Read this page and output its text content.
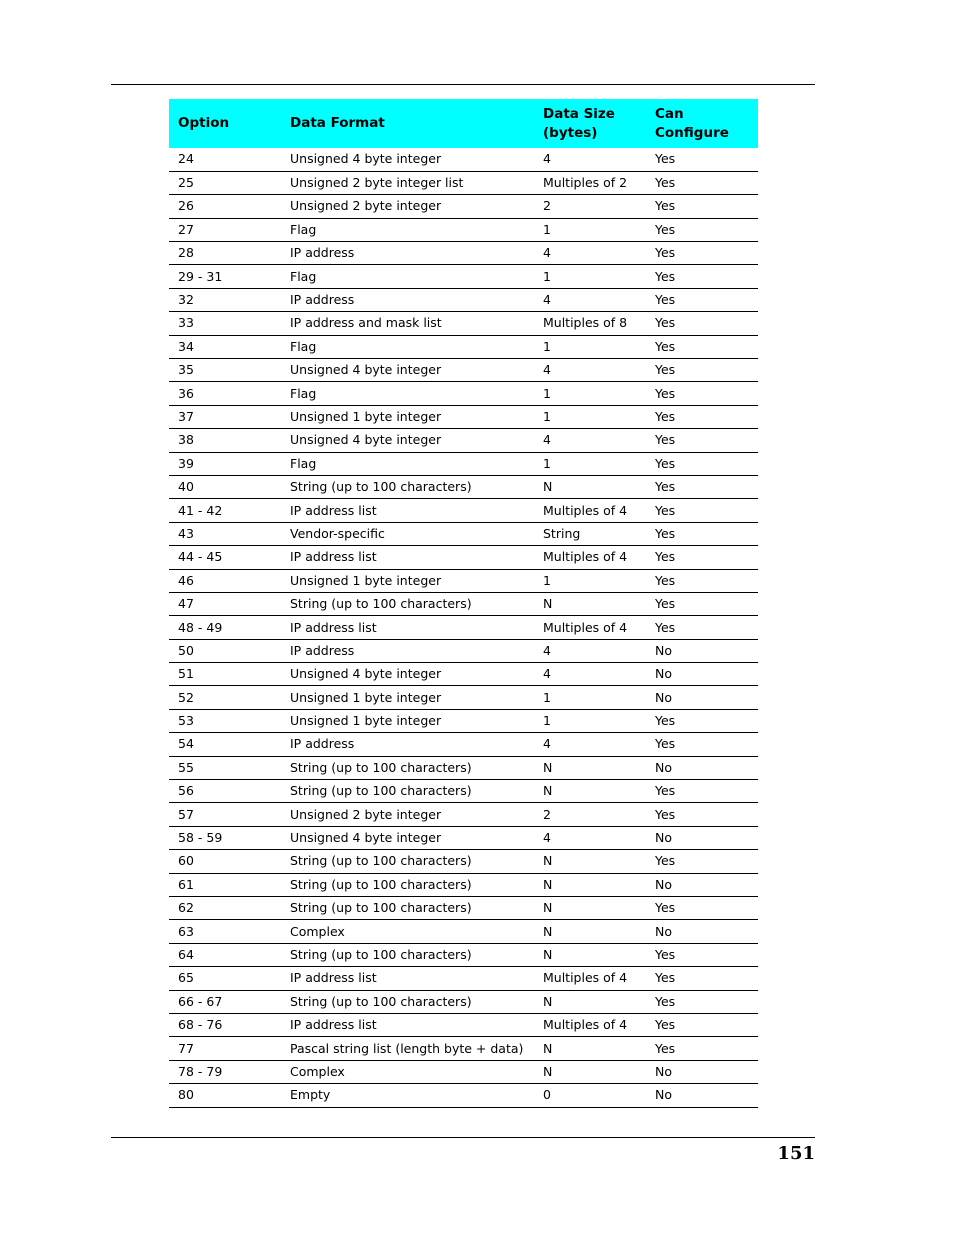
Option	Data Format	Data Size (bytes)	Can Configure
24	Unsigned 4 byte integer	4	Yes
25	Unsigned 2 byte integer list	Multiples of 2	Yes
26	Unsigned 2 byte integer	2	Yes
27	Flag	1	Yes
28	IP address	4	Yes
29 - 31	Flag	1	Yes
32	IP address	4	Yes
33	IP address and mask list	Multiples of 8	Yes
34	Flag	1	Yes
35	Unsigned 4 byte integer	4	Yes
36	Flag	1	Yes
37	Unsigned 1 byte integer	1	Yes
38	Unsigned 4 byte integer	4	Yes
39	Flag	1	Yes
40	String (up to 100 characters)	N	Yes
41 - 42	IP address list	Multiples of 4	Yes
43	Vendor-specific	String	Yes
44 - 45	IP address list	Multiples of 4	Yes
46	Unsigned 1 byte integer	1	Yes
47	String (up to 100 characters)	N	Yes
48 - 49	IP address list	Multiples of 4	Yes
50	IP address	4	No
51	Unsigned 4 byte integer	4	No
52	Unsigned 1 byte integer	1	No
53	Unsigned 1 byte integer	1	Yes
54	IP address	4	Yes
55	String (up to 100 characters)	N	No
56	String (up to 100 characters)	N	Yes
57	Unsigned 2 byte integer	2	Yes
58 - 59	Unsigned 4 byte integer	4	No
60	String (up to 100 characters)	N	Yes
61	String (up to 100 characters)	N	No
62	String (up to 100 characters)	N	Yes
63	Complex	N	No
64	String (up to 100 characters)	N	Yes
65	IP address list	Multiples of 4	Yes
66 - 67	String (up to 100 characters)	N	Yes
68 - 76	IP address list	Multiples of 4	Yes
77	Pascal string list (length byte + data)	N	Yes
78 - 79	Complex	N	No
80	Empty	0	No
151
